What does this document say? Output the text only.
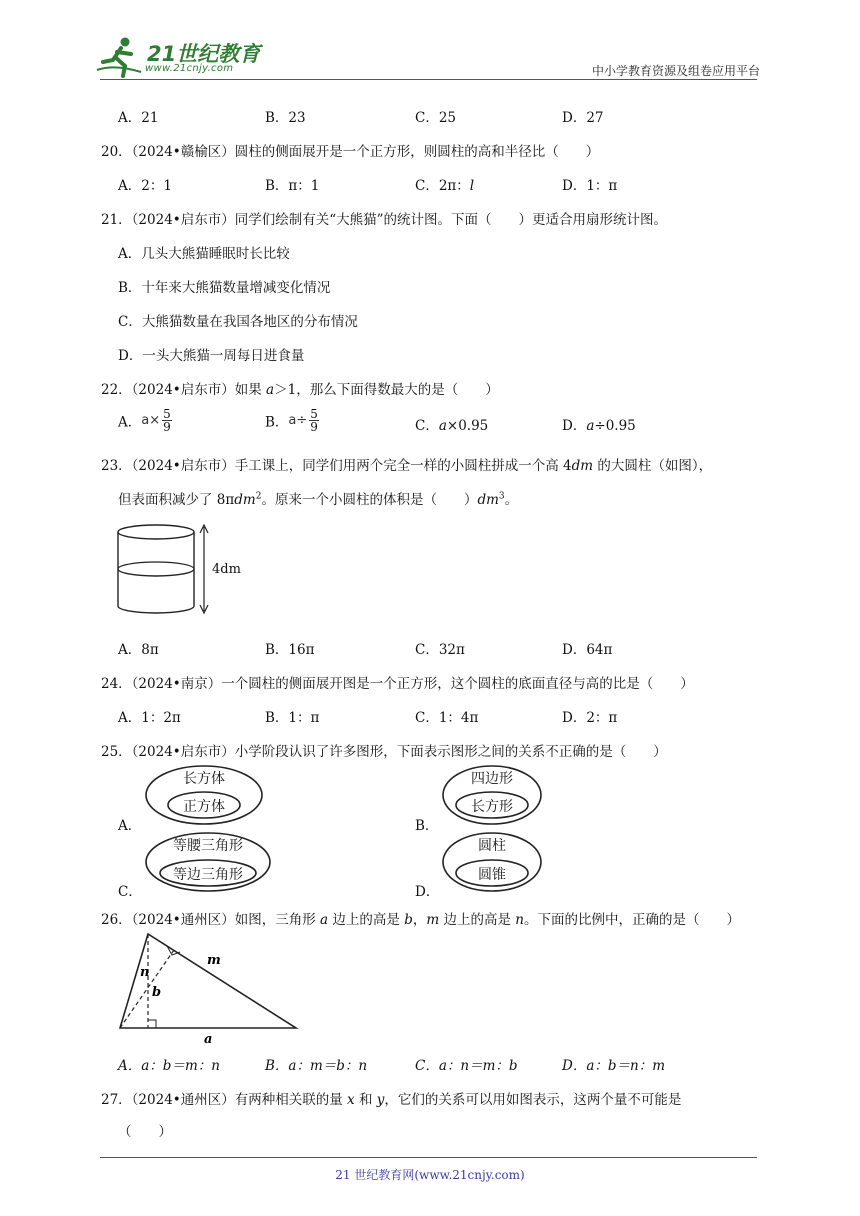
21世纪教育
www.21cnjy.com	中小学教育资源及组卷应用平台
A．21	B．23	C．25	D．27
20．（2024•赣榆区）圆柱的侧面展开是一个正方形，则圆柱的高和半径比（　　）
A．2：1	B．π：1	C．2π：l	D．1：π
21．（2024•启东市）同学们绘制有关“大熊猫”的统计图。下面（　　）更适合用扇形统计图。
A．几头大熊猫睡眠时长比较
B．十年来大熊猫数量增减变化情况
C．大熊猫数量在我国各地区的分布情况
D．一头大熊猫一周每日进食量
22．（2024•启东市）如果 a＞1，那么下面得数最大的是（　　）
A．$a\times \frac{5}{9}$	B．$a\div \frac{5}{9}$	C．a×0.95	D．a÷0.95
23．（2024•启东市）手工课上，同学们用两个完全一样的小圆柱拼成一个高 4dm 的大圆柱（如图），
但表面积减少了 8πdm$^2$。原来一个小圆柱的体积是（　　）$dm^3$。
4dm
A．8π	B．16π	C．32π	D．64π
24．（2024•南京）一个圆柱的侧面展开图是一个正方形，这个圆柱的底面直径与高的比是（　　）
A．1：2π	B．1：π	C．1：4π	D．2：π
25．（2024•启东市）小学阶段认识了许多图形，下面表示图形之间的关系不正确的是（　　）
A．
长方体
正方体
B．
四边形
长方形
C．
等腰三角形
等边三角形
D．
圆柱
圆锥
26．（2024•通州区）如图，三角形 a 边上的高是 b，m 边上的高是 n。下面的比例中，正确的是（　　）
m
n
b
a
A．a：b＝m：n	B．a：m＝b：n	C．a：n＝m：b	D．a：b＝n：m
27．（2024•通州区）有两种相关联的量 x 和 y，它们的关系可以用如图表示，这两个量不可能是
（　　）
21 世纪教育网(www.21cnjy.com)
